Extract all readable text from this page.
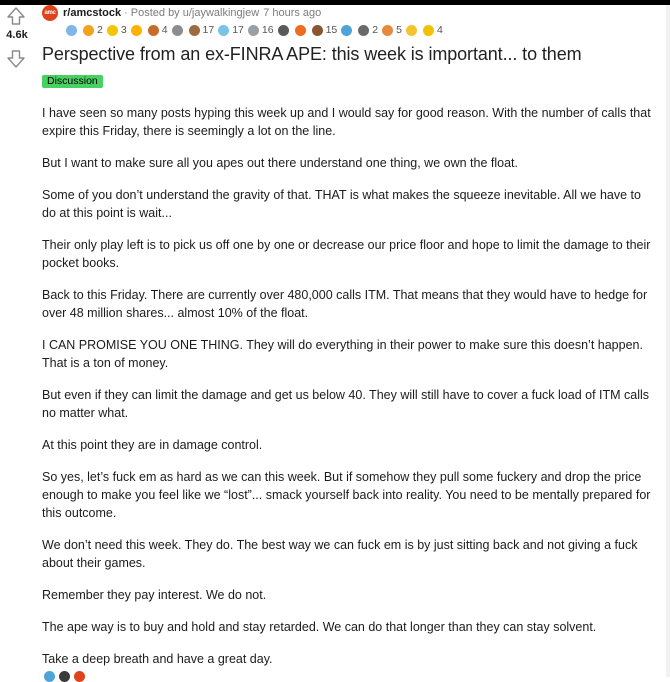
4.6k
amc r/amcstock · Posted by
u/jaywalkingjew 7 hours ago
2 3	4	17 17 16	15	2 5	4
Perspective from an ex-FINRA APE: this week is important... to them
Discussion

I have seen so many posts hyping this week up and I would say for good reason. With the number of calls that expire this Friday, there is seemingly a lot on the line.

But I want to make sure all you apes out there understand one thing, we own the float.

Some of you don’t understand the gravity of that. THAT is what makes the squeeze inevitable. All we have to do at this point is wait...

Their only play left is to pick us off one by one or decrease our price floor and hope to limit the damage to their pocket books.

Back to this Friday. There are currently over 480,000 calls ITM. That means that they would have to hedge for over 48 million shares... almost 10% of the float.

I CAN PROMISE YOU ONE THING. They will do everything in their power to make sure this doesn’t happen. That is a ton of money.

But even if they can limit the damage and get us below 40. They will still have to cover a fuck load of ITM calls no matter what.

At this point they are in damage control.

So yes, let’s fuck em as hard as we can this week. But if somehow they pull some fuckery and drop the price enough to make you feel like we “lost”... smack yourself back into reality. You need to be mentally prepared for this outcome.

We don’t need this week. They do. The best way we can fuck em is by just sitting back and not giving a fuck about their games.

Remember they pay interest. We do not.

The ape way is to buy and hold and stay retarded. We can do that longer than they can stay solvent.

Take a deep breath and have a great day.
